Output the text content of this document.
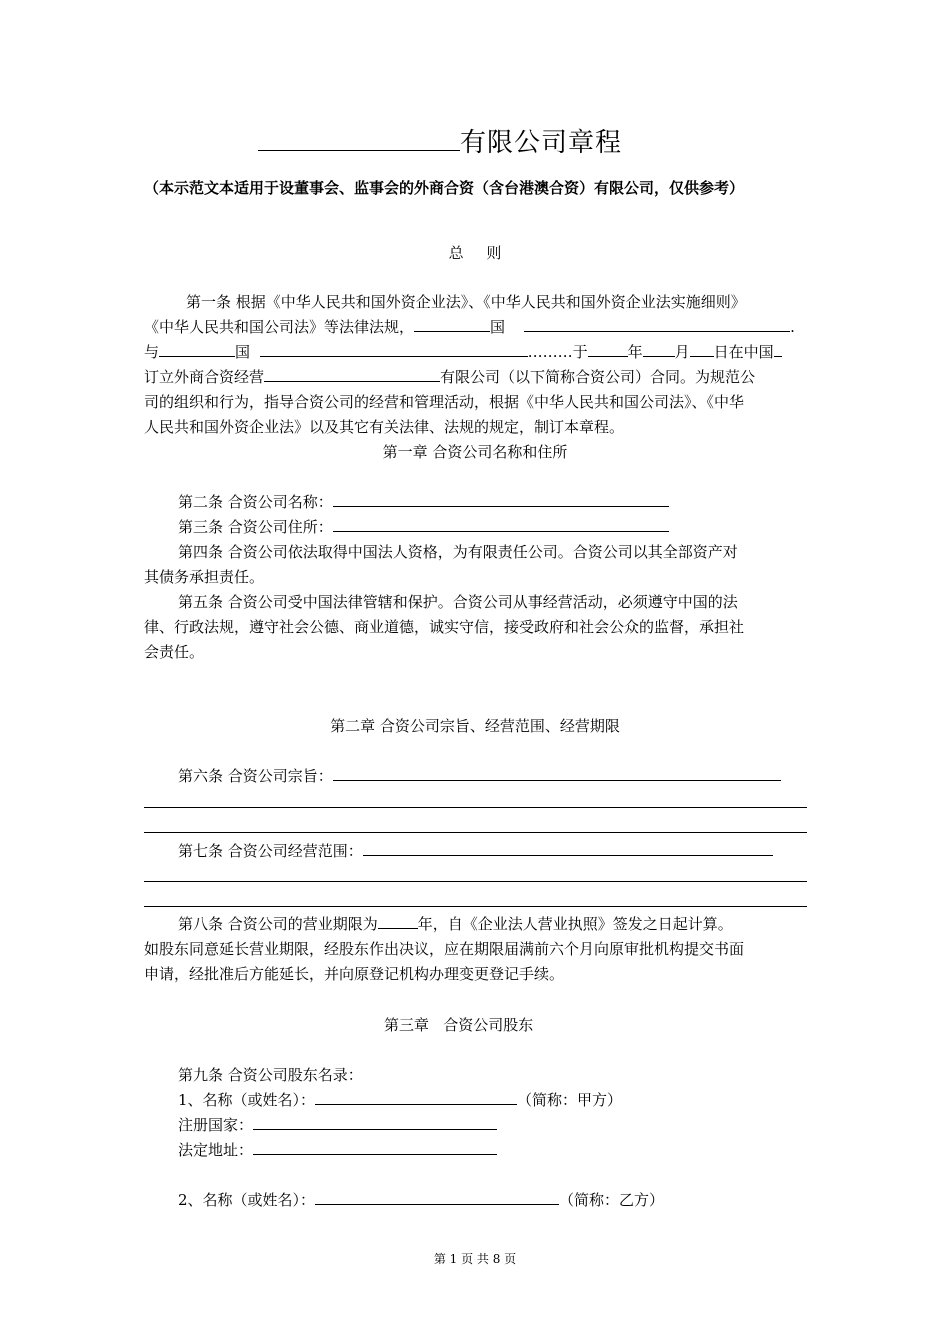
有限公司章程
（本示范文本适用于设董事会、监事会的外商合资（含台港澳合资）有限公司，仅供参考）
总 则
第一条 根据《中华人民共和国外资企业法》、《中华人民共和国外资企业法实施细则》
《中华人民共和国公司法》等法律法规，	国	.
与	国	………于	年 月 日在中国
订立外商合资经营	有限公司（以下简称合资公司）合同。为规范公
司的组织和行为，指导合资公司的经营和管理活动，根据《中华人民共和国公司法》、《中华
人民共和国外资企业法》以及其它有关法律、法规的规定，制订本章程。
第一章 合资公司名称和住所
第二条 合资公司名称：
第三条 合资公司住所：
第四条 合资公司依法取得中国法人资格，为有限责任公司。合资公司以其全部资产对
其债务承担责任。
第五条 合资公司受中国法律管辖和保护。合资公司从事经营活动，必须遵守中国的法
律、行政法规，遵守社会公德、商业道德，诚实守信，接受政府和社会公众的监督，承担社
会责任。
第二章 合资公司宗旨、经营范围、经营期限
第六条 合资公司宗旨：
第七条 合资公司经营范围：
第八条 合资公司的营业期限为	年，自《企业法人营业执照》签发之日起计算。
如股东同意延长营业期限，经股东作出决议，应在期限届满前六个月向原审批机构提交书面
申请，经批准后方能延长，并向原登记机构办理变更登记手续。
第三章   合资公司股东
第九条 合资公司股东名录：
1、名称（或姓名）：	（简称：甲方）
注册国家：
法定地址：
2、名称（或姓名）：	（简称：乙方）
第 1 页 共 8 页
